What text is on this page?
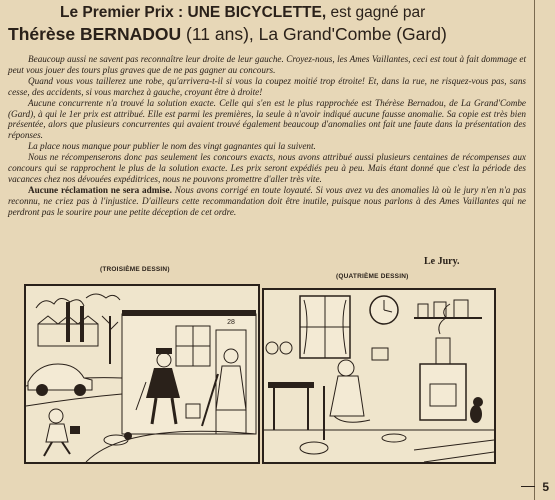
Le Premier Prix : UNE BICYCLETTE, est gagné par
Thérèse BERNADOU (11 ans), La Grand'Combe (Gard)

Beaucoup aussi ne savent pas reconnaître leur droite de leur gauche. Croyez-nous, les Ames Vaillantes, ceci est tout à fait dommage et peut vous jouer des tours plus graves que de ne pas gagner au concours.

Quand vous vous taillerez une robe, qu'arrivera-t-il si vous la coupez moitié trop étroite! Et, dans la rue, ne risquez-vous pas, sans cesse, des accidents, si vous marchez à gauche, croyant être à droite!

Aucune concurrente n'a trouvé la solution exacte. Celle qui s'en est le plus rapprochée est Thérèse Bernadou, de La Grand'Combe (Gard), à qui le 1er prix est attribué. Elle est parmi les premières, la seule à n'avoir indiqué aucune fausse anomalie. Sa copie est très bien présentée, alors que plusieurs concurrentes qui avaient trouvé également beaucoup d'anomalies ont fait une faute dans la présentation des réponses.

La place nous manque pour publier le nom des vingt gagnantes qui la suivent.

Nous ne récompenserons donc pas seulement les concours exacts, nous avons attribué aussi plusieurs centaines de récompenses aux concours qui se rapprochent le plus de la solution exacte. Les prix seront expédiés peu à peu. Mais étant donné que c'est la période des vacances chez nos dévouées expéditrices, nous ne pouvons promettre d'aller très vite.

Aucune réclamation ne sera admise. Nous avons corrigé en toute loyauté. Si vous avez vu des anomalies là où le jury n'en n'a pas reconnu, ne criez pas à l'injustice. D'ailleurs cette recommandation doit être inutile, puisque nous parlons à des Ames Vaillantes qui ne perdront pas le sourire pour une petite déception de cet ordre.

Le Jury.
(TROISIÈME DESSIN)
28
(QUATRIÈME DESSIN)
5
